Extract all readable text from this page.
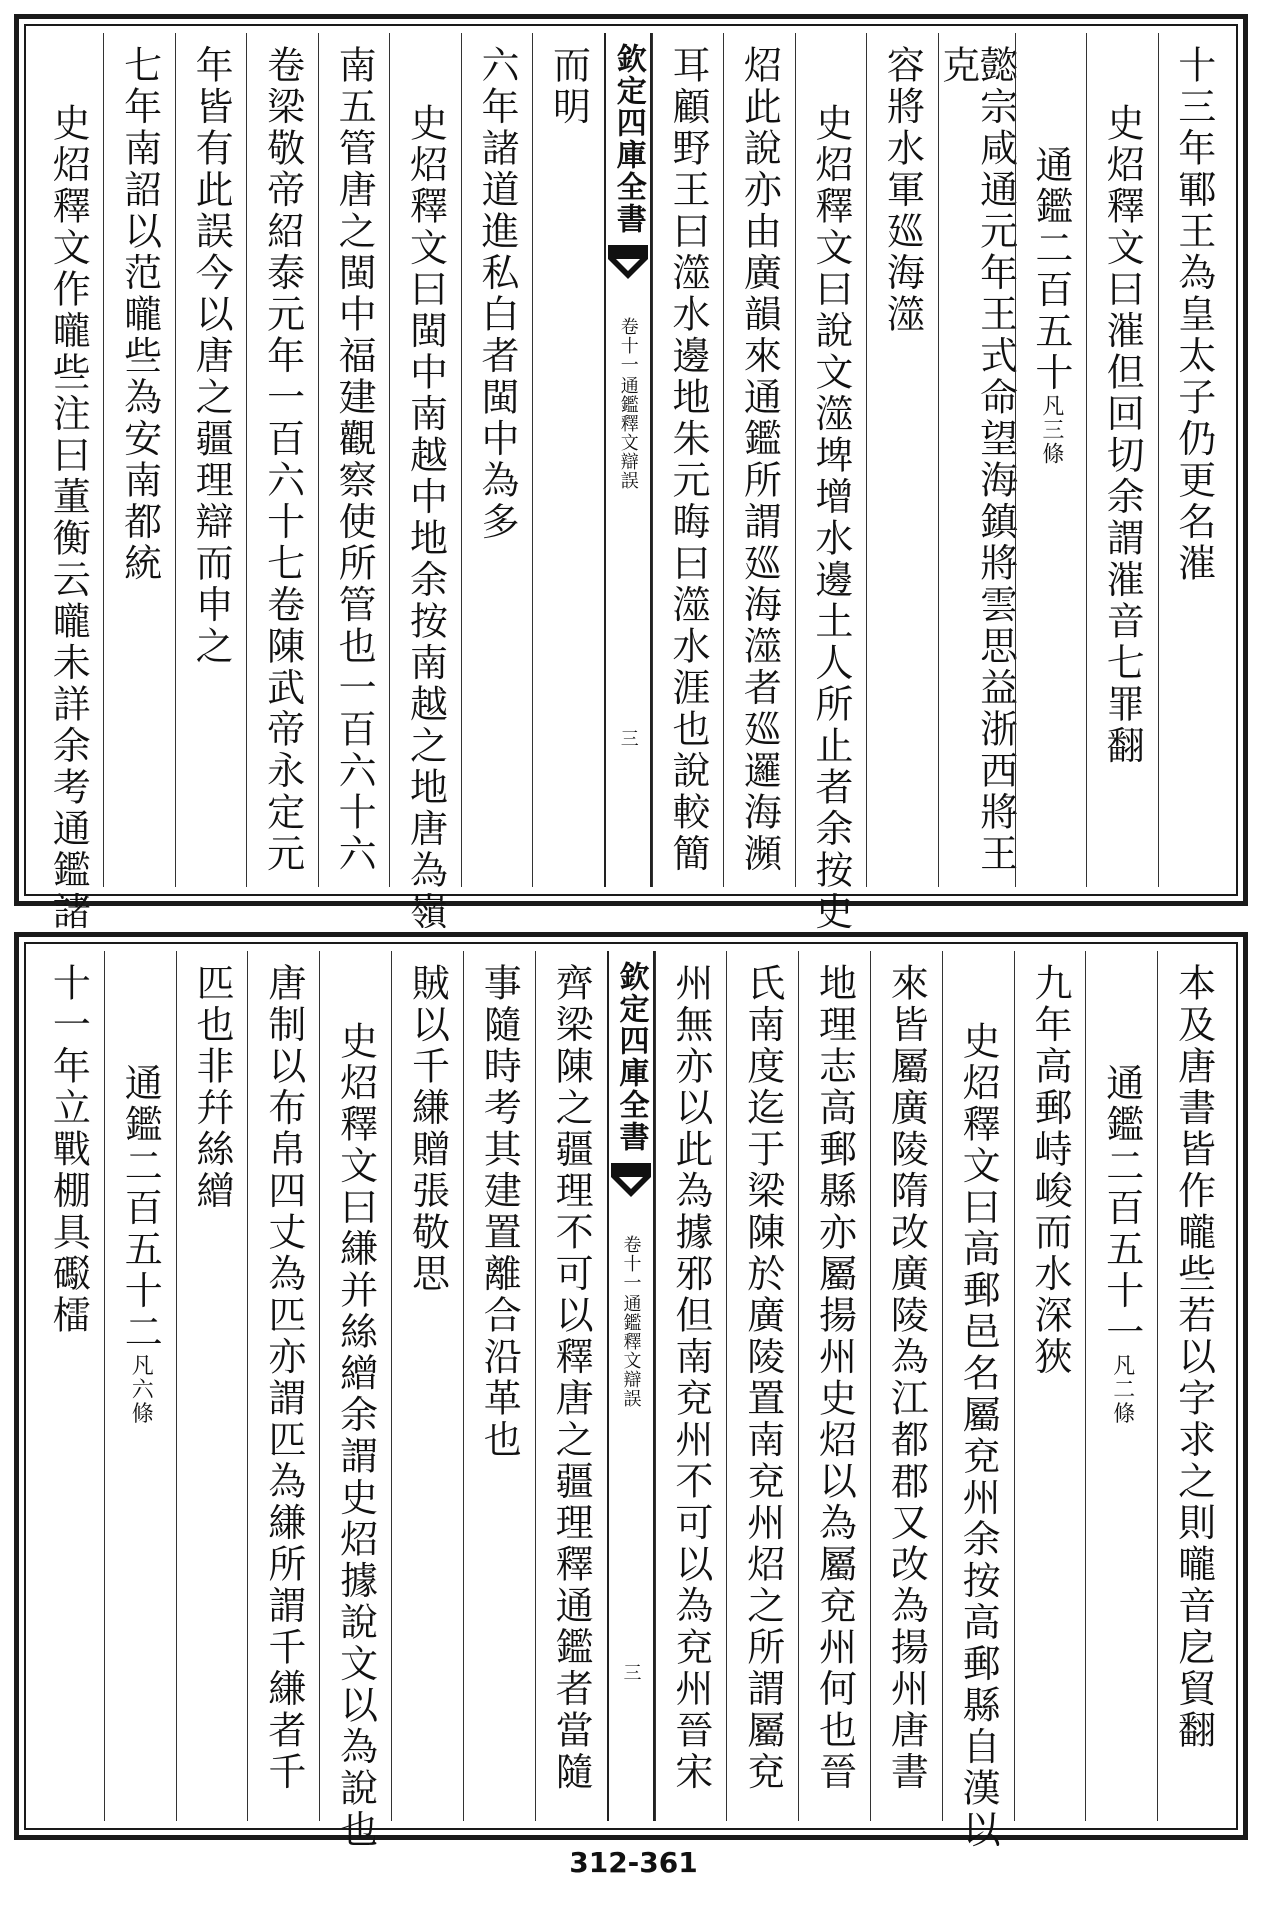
十三年鄆王為皇太子仍更名漼
史炤釋文曰漼但回切余謂漼音七罪翻
通鑑二百五十凡三條
懿宗咸通元年王式命望海鎮將雲思益浙西將王克
容將水軍廵海澨
史炤釋文曰說文澨埤增水邊土人所止者余按史
炤此說亦由廣韻來通鑑所謂廵海澨者廵邏海瀕
耳顧野王曰澨水邊地朱元晦曰澨水涯也說較簡
欽定四庫全書
通鑑釋文辯誤
卷十一
三
而明
六年諸道進私白者閩中為多
史炤釋文曰閩中南越中地余按南越之地唐為嶺
南五管唐之閩中福建觀察使所管也一百六十六
卷梁敬帝紹泰元年一百六十七卷陳武帝永定元
年皆有此誤今以唐之疆理辯而申之
七年南詔以范曨些為安南都統
史炤釋文作曨些注曰董衡云曨未詳余考通鑑諸
本及唐書皆作曨些若以字求之則曨音戹貿翻
通鑑二百五十一凡二條
九年高郵峙峻而水深狹
史炤釋文曰高郵邑名屬兗州余按高郵縣自漢以
來皆屬廣陵隋改廣陵為江都郡又改為揚州唐書
地理志高郵縣亦屬揚州史炤以為屬兗州何也晉
氏南度迄于梁陳於廣陵置南兗州炤之所謂屬兗
州無亦以此為據邪但南兗州不可以為兗州晉宋
欽定四庫全書
通鑑釋文辯誤
卷十一
三
齊梁陳之疆理不可以釋唐之疆理釋通鑑者當隨
事隨時考其建置離合沿革也
賊以千縑贈張敬思
史炤釋文曰縑并絲繒余謂史炤據說文以為說也
唐制以布帛四丈為匹亦謂匹為縑所謂千縑者千
匹也非幷絲繒
通鑑二百五十二凡六條
十一年立戰棚具礟檑
312-361
